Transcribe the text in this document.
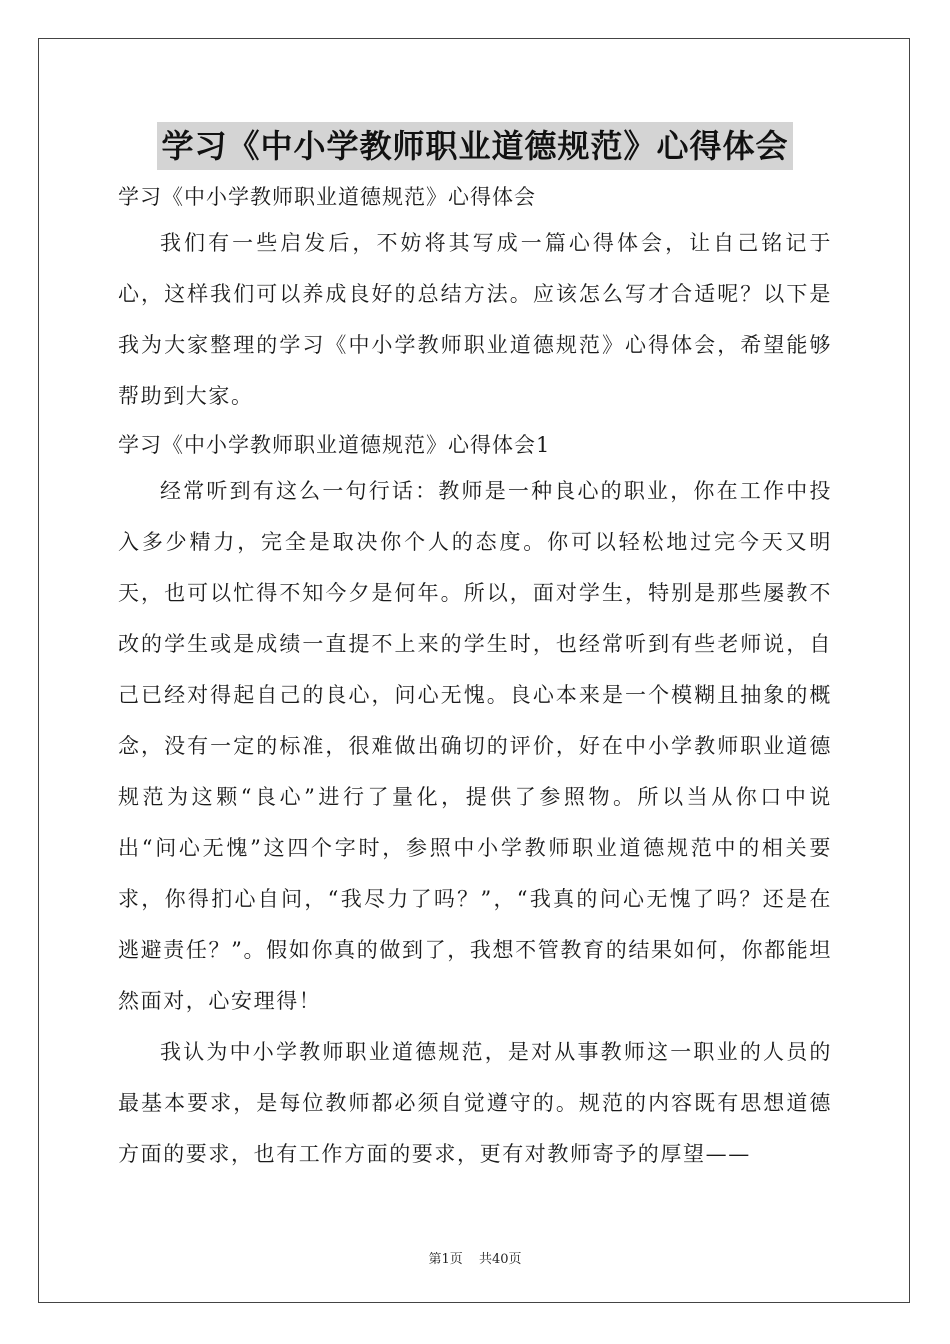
学习《中小学教师职业道德规范》心得体会

学习《中小学教师职业道德规范》心得体会

我们有一些启发后，不妨将其写成一篇心得体会，让自己铭记于心，这样我们可以养成良好的总结方法。应该怎么写才合适呢？以下是我为大家整理的学习《中小学教师职业道德规范》心得体会，希望能够帮助到大家。

学习《中小学教师职业道德规范》心得体会1

经常听到有这么一句行话：教师是一种良心的职业，你在工作中投入多少精力，完全是取决你个人的态度。你可以轻松地过完今天又明天，也可以忙得不知今夕是何年。所以，面对学生，特别是那些屡教不改的学生或是成绩一直提不上来的学生时，也经常听到有些老师说，自己已经对得起自己的良心，问心无愧。良心本来是一个模糊且抽象的概念，没有一定的标准，很难做出确切的评价，好在中小学教师职业道德规范为这颗“良心”进行了量化，提供了参照物。所以当从你口中说出“问心无愧”这四个字时，参照中小学教师职业道德规范中的相关要求，你得扪心自问，“我尽力了吗？”，“我真的问心无愧了吗？还是在逃避责任？”。假如你真的做到了，我想不管教育的结果如何，你都能坦然面对，心安理得！

我认为中小学教师职业道德规范，是对从事教师这一职业的人员的最基本要求，是每位教师都必须自觉遵守的。规范的内容既有思想道德方面的要求，也有工作方面的要求，更有对教师寄予的厚望——

第1页 共40页
